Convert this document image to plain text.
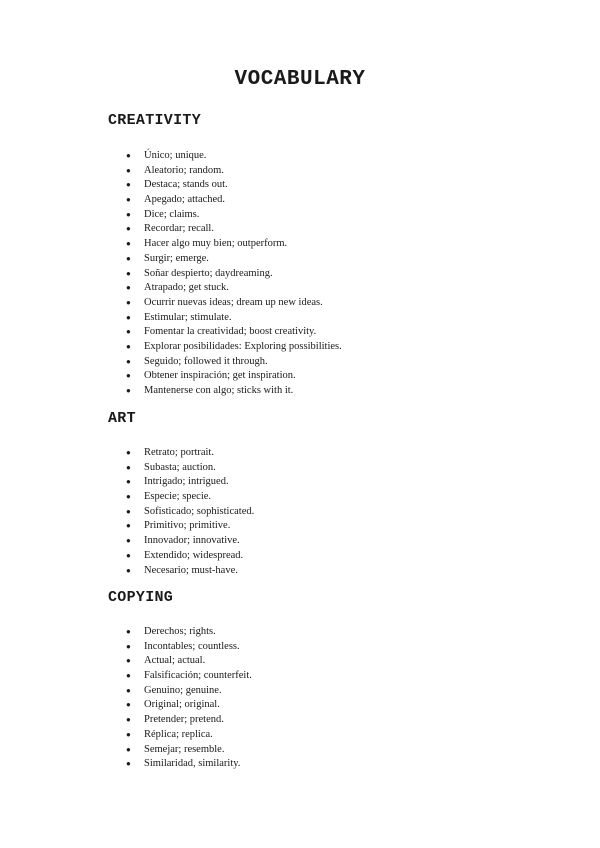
VOCABULARY
CREATIVITY
●	Único; unique.
●	Aleatorio; random.
●	Destaca; stands out.
●	Apegado; attached.
●	Dice; claims.
●	Recordar; recall.
●	Hacer algo muy bien; outperform.
●	Surgir; emerge.
●	Soñar despierto; daydreaming.
●	Atrapado; get stuck.
●	Ocurrir nuevas ideas; dream up new ideas.
●	Estimular; stimulate.
●	Fomentar la creatividad; boost creativity.
●	Explorar posibilidades: Exploring possibilities.
●	Seguido; followed it through.
●	Obtener inspiración; get inspiration.
●	Mantenerse con algo; sticks with it.
ART
●	Retrato; portrait.
●	Subasta; auction.
●	Intrigado; intrigued.
●	Especie; specie.
●	Sofisticado; sophisticated.
●	Primitivo; primitive.
●	Innovador; innovative.
●	Extendido; widespread.
●	Necesario; must-have.
COPYING
●	Derechos; rights.
●	Incontables; countless.
●	Actual; actual.
●	Falsificación; counterfeit.
●	Genuino; genuine.
●	Original; original.
●	Pretender; pretend.
●	Réplica; replica.
●	Semejar; resemble.
●	Similaridad, similarity.
